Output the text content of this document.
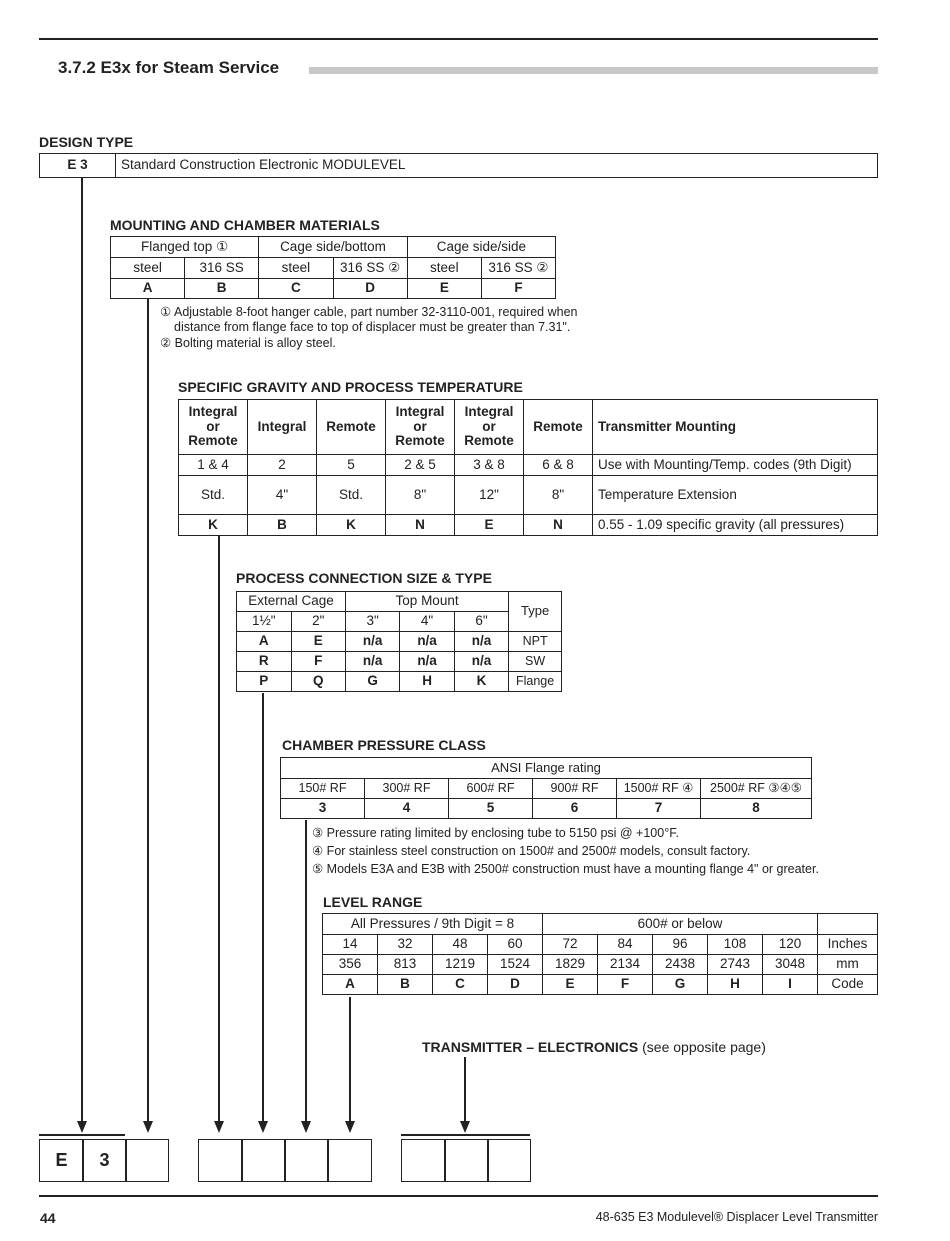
3.7.2 E3x for Steam Service
DESIGN TYPE
E 3	Standard Construction Electronic MODULEVEL
MOUNTING AND CHAMBER MATERIALS
Flanged top ①		Cage side/bottom		Cage side/side	
steel	316 SS	steel	316 SS ②	steel	316 SS ②
A	B	C	D	E	F
① Adjustable 8-foot hanger cable, part number 32-3110-001, required when
distance from flange face to top of displacer must be greater than 7.31".
② Bolting material is alloy steel.
SPECIFIC GRAVITY AND PROCESS TEMPERATURE
Integral
or
Remote	Integral	Remote	Integral
or
Remote	Integral
or
Remote	Remote	Transmitter Mounting
1 & 4	2	5	2 & 5	3 & 8	6 & 8	Use with Mounting/Temp. codes (9th Digit)
Std.	4"	Std.	8"	12"	8"	Temperature Extension
K	B	K	N	E	N	0.55 - 1.09 specific gravity (all pressures)
PROCESS CONNECTION SIZE & TYPE
External Cage		Top Mount			Type
1½"	2"	3"	4"	6"	
A	E	n/a	n/a	n/a	NPT
R	F	n/a	n/a	n/a	SW
P	Q	G	H	K	Flange
CHAMBER PRESSURE CLASS
ANSI Flange rating					
150# RF	300# RF	600# RF	900# RF	1500# RF ④	2500# RF ③④⑤
3	4	5	6	7	8
③ Pressure rating limited by enclosing tube to 5150 psi @ +100°F.
④ For stainless steel construction on 1500# and 2500# models, consult factory.
⑤ Models E3A and E3B with 2500# construction must have a mounting flange 4" or greater.
LEVEL RANGE
All Pressures / 9th Digit = 8				600# or below					
14	32	48	60	72	84	96	108	120	Inches
356	813	1219	1524	1829	2134	2438	2743	3048	mm
A	B	C	D	E	F	G	H	I	Code
TRANSMITTER – ELECTRONICS (see opposite page)
E	3
44	48-635 E3 Modulevel® Displacer Level Transmitter
